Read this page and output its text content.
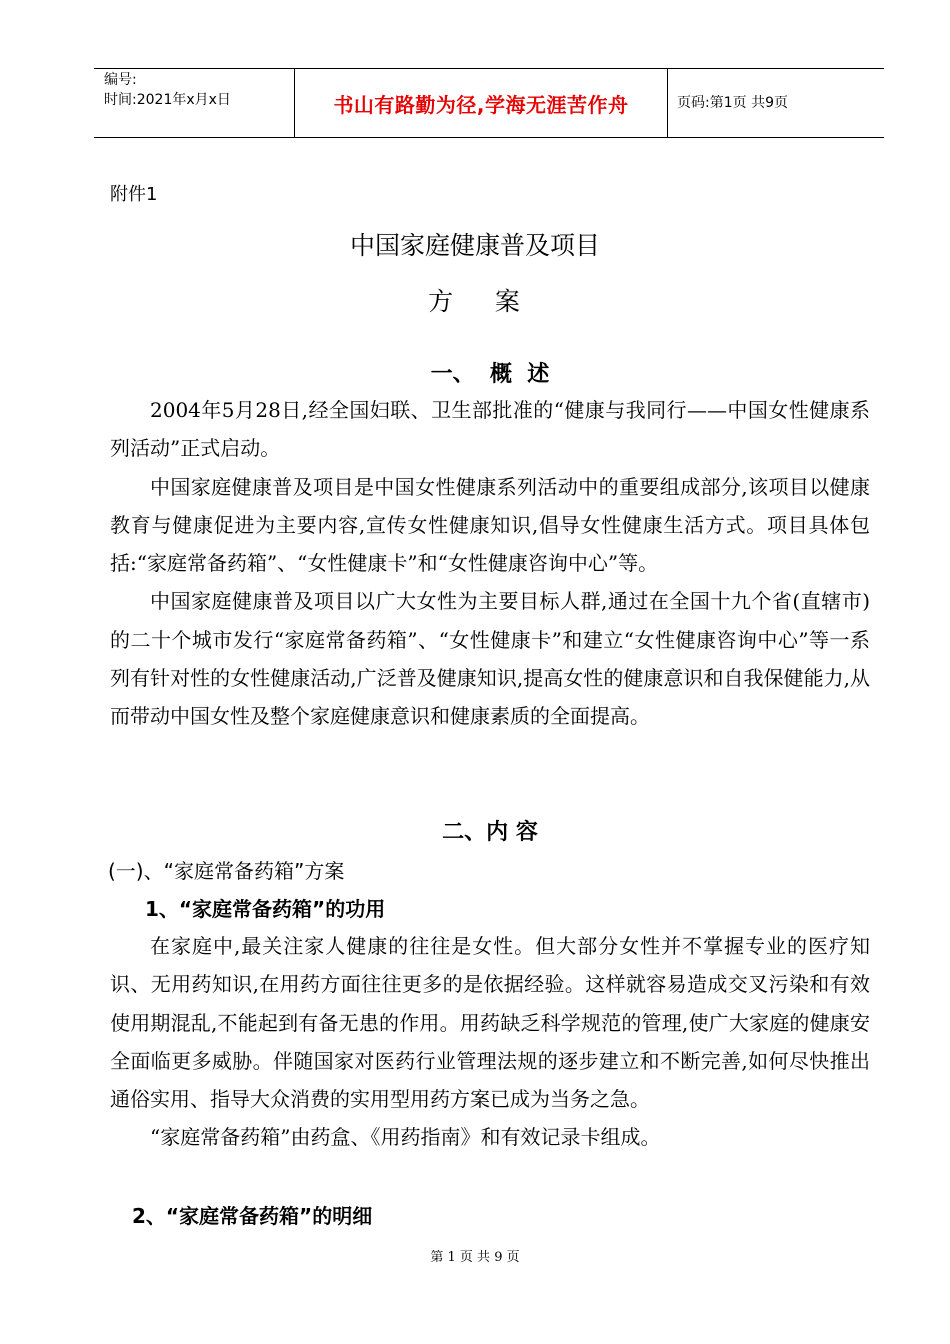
编号:
时间:2021年x月x日	书山有路勤为径,学海无涯苦作舟	页码:第1页 共9页
附件1
中国家庭健康普及项目
方    案
一、  概  述

2004年5月28日,经全国妇联、卫生部批准的“健康与我同行——中国女性健康系列活动”正式启动。

中国家庭健康普及项目是中国女性健康系列活动中的重要组成部分,该项目以健康教育与健康促进为主要内容,宣传女性健康知识,倡导女性健康生活方式。项目具体包括:“家庭常备药箱”、“女性健康卡”和“女性健康咨询中心”等。

中国家庭健康普及项目以广大女性为主要目标人群,通过在全国十九个省(直辖市)的二十个城市发行“家庭常备药箱”、“女性健康卡”和建立“女性健康咨询中心”等一系列有针对性的女性健康活动,广泛普及健康知识,提高女性的健康意识和自我保健能力,从而带动中国女性及整个家庭健康意识和健康素质的全面提高。

二、内 容
(一)、“家庭常备药箱”方案
1、“家庭常备药箱”的功用

在家庭中,最关注家人健康的往往是女性。但大部分女性并不掌握专业的医疗知识、无用药知识,在用药方面往往更多的是依据经验。这样就容易造成交叉污染和有效使用期混乱,不能起到有备无患的作用。用药缺乏科学规范的管理,使广大家庭的健康安全面临更多威胁。伴随国家对医药行业管理法规的逐步建立和不断完善,如何尽快推出通俗实用、指导大众消费的实用型用药方案已成为当务之急。

“家庭常备药箱”由药盒、《用药指南》和有效记录卡组成。

2、“家庭常备药箱”的明细
第 1 页 共 9 页
